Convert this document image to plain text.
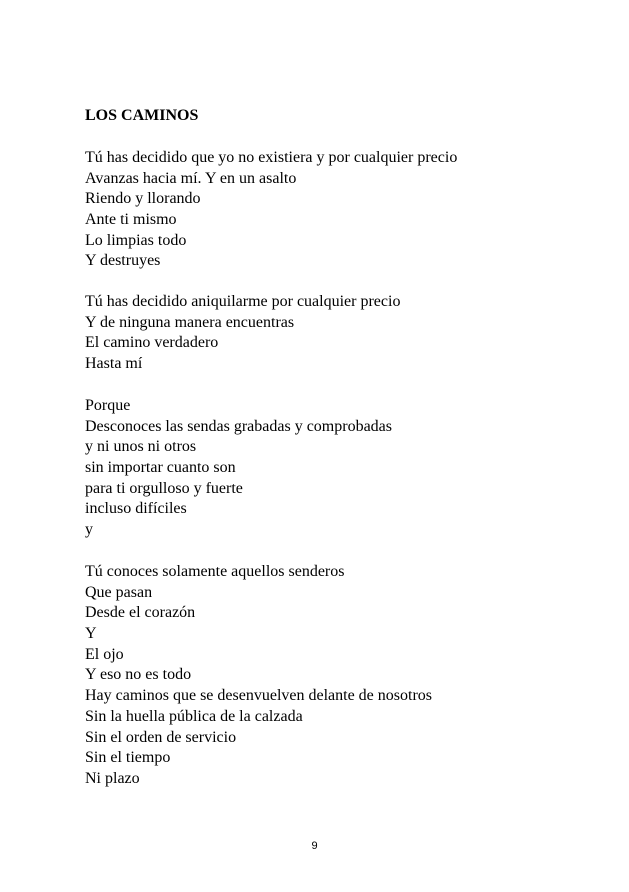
LOS CAMINOS
Tú has decidido que yo no existiera y por cualquier precio
Avanzas hacia mí. Y en un asalto
Riendo y llorando
Ante ti mismo
Lo limpias todo
Y destruyes
Tú has decidido aniquilarme por cualquier precio
Y de ninguna manera encuentras
El camino verdadero
Hasta mí
Porque
Desconoces las sendas grabadas y comprobadas
y ni unos ni otros
sin importar cuanto son
para ti orgulloso y fuerte
incluso difíciles
y
Tú conoces solamente aquellos senderos
Que pasan
Desde el corazón
Y
El ojo
Y eso no es todo
Hay caminos que se desenvuelven delante de nosotros
Sin la huella pública de la calzada
Sin el orden de servicio
Sin el tiempo
Ni plazo
9
